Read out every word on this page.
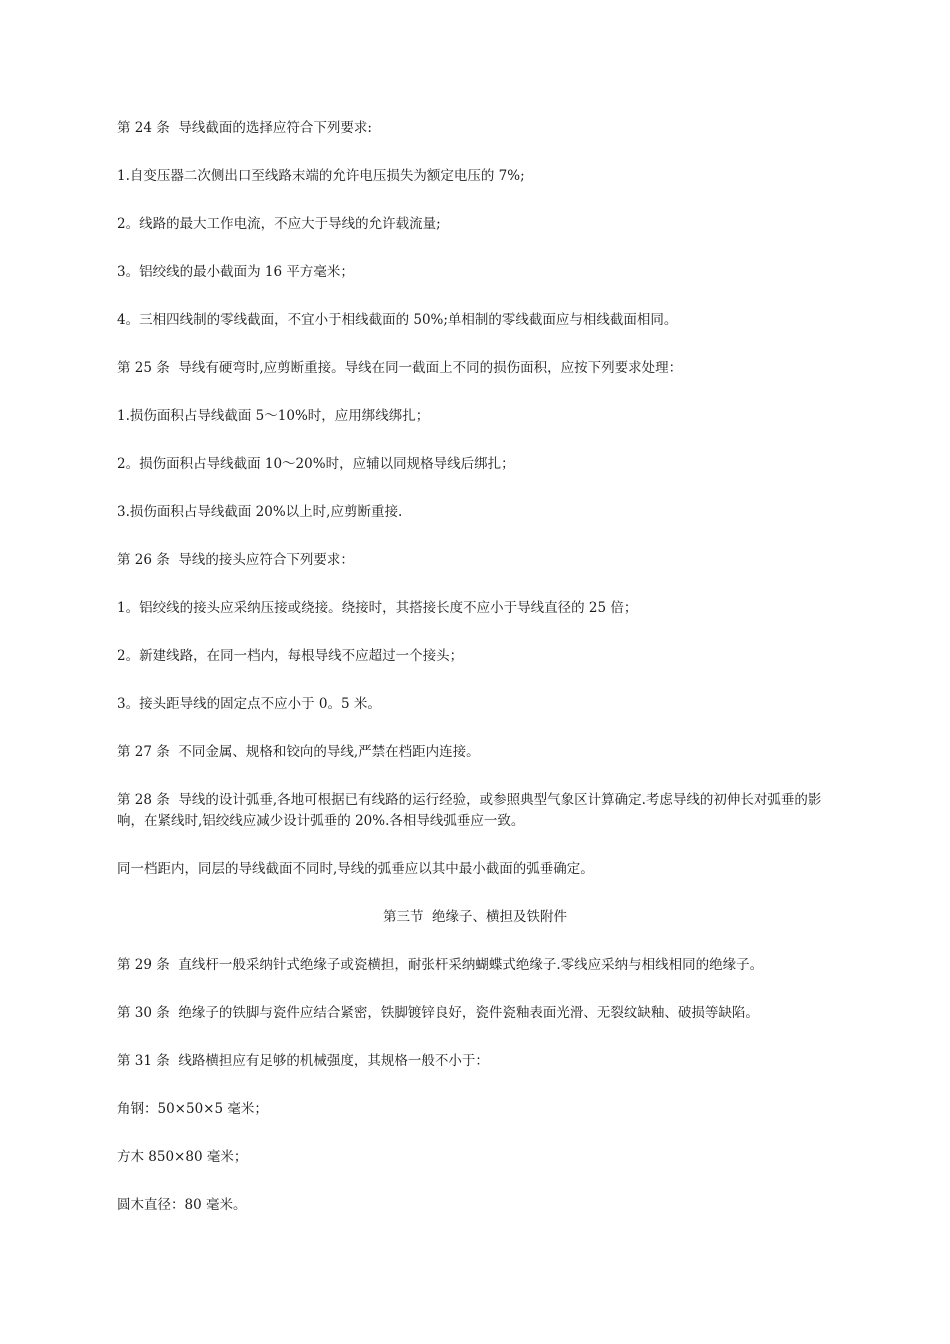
第 24 条  导线截面的选择应符合下列要求:

1.自变压器二次侧出口至线路末端的允许电压损失为额定电压的 7%;

2。线路的最大工作电流，不应大于导线的允许载流量;

3。铝绞线的最小截面为 16 平方毫米；

4。三相四线制的零线截面，不宜小于相线截面的 50%;单相制的零线截面应与相线截面相同。

第 25 条  导线有硬弯时,应剪断重接。导线在同一截面上不同的损伤面积，应按下列要求处理：

1.损伤面积占导线截面 5～10%时，应用绑线绑扎；

2。损伤面积占导线截面 10～20%时，应辅以同规格导线后绑扎；

3.损伤面积占导线截面 20%以上时,应剪断重接.

第 26 条  导线的接头应符合下列要求：

1。铝绞线的接头应采纳压接或绕接。绕接时，其搭接长度不应小于导线直径的 25 倍；

2。新建线路，在同一档内，每根导线不应超过一个接头；

3。接头距导线的固定点不应小于 0。5 米。

第 27 条  不同金属、规格和铰向的导线,严禁在档距内连接。

第 28 条  导线的设计弧垂,各地可根据已有线路的运行经验，或参照典型气象区计算确定.考虑导线的初伸长对弧垂的影响，在紧线时,铝绞线应减少设计弧垂的 20%.各相导线弧垂应一致。

同一档距内，同层的导线截面不同时,导线的弧垂应以其中最小截面的弧垂确定。

第三节  绝缘子、横担及铁附件

第 29 条  直线杆一般采纳针式绝缘子或瓷横担，耐张杆采纳蝴蝶式绝缘子.零线应采纳与相线相同的绝缘子。

第 30 条  绝缘子的铁脚与瓷件应结合紧密，铁脚镀锌良好，瓷件瓷釉表面光滑、无裂纹缺釉、破损等缺陷。

第 31 条  线路横担应有足够的机械强度，其规格一般不小于：

角钢：50×50×5 毫米；

方木 850×80 毫米；

圆木直径：80 毫米。
